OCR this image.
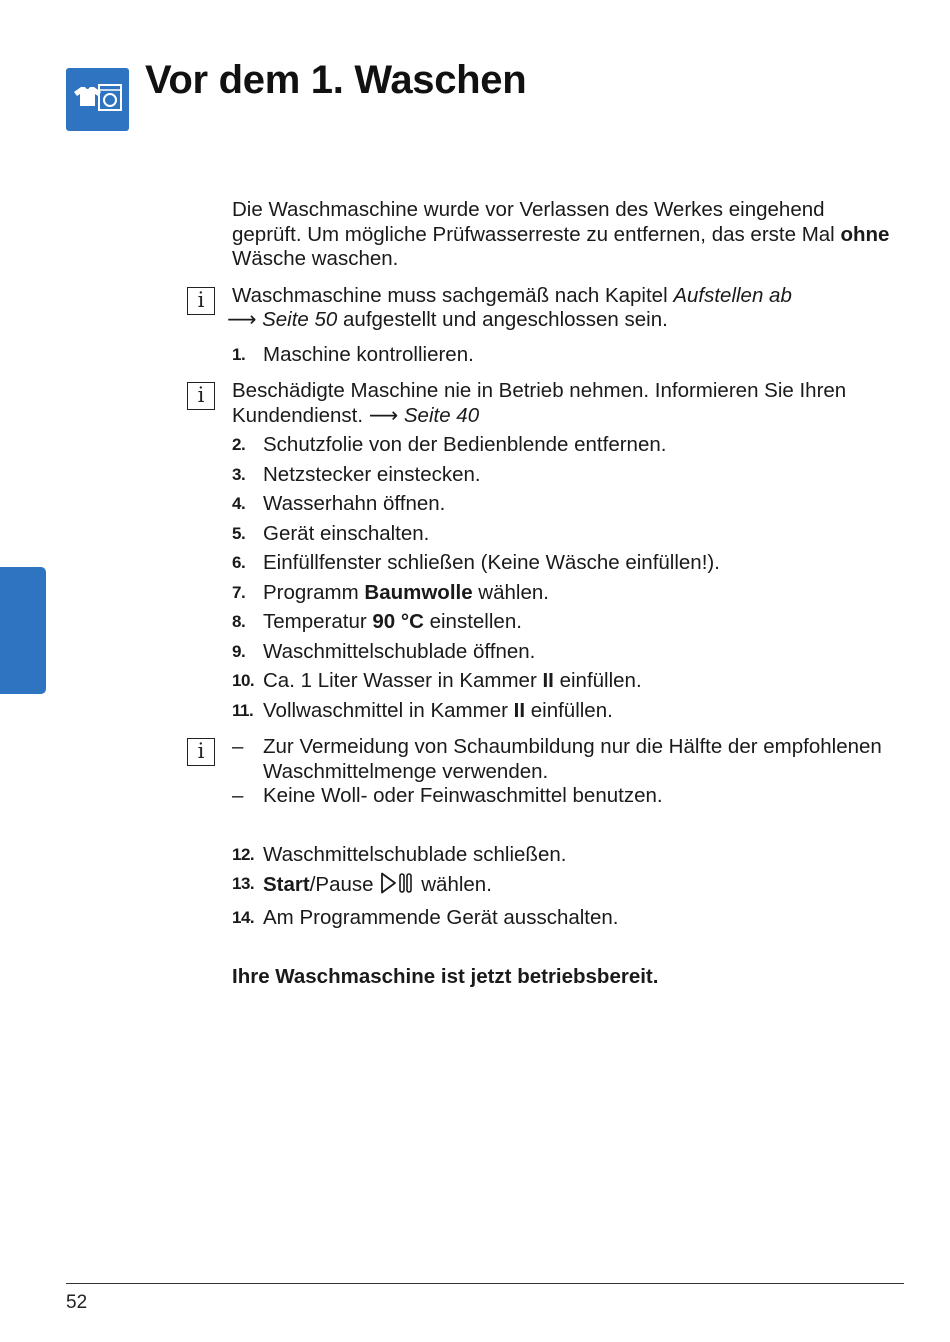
Vor dem 1. Waschen

Die Waschmaschine wurde vor Verlassen des Werkes eingehend geprüft. Um mögliche Prüfwasserreste zu entfernen, das erste Mal ohne Wäsche waschen.

i	Waschmaschine muss sachgemäß nach Kapitel Aufstellen ab
⟶ Seite 50 aufgestellt und angeschlossen sein.

1. Maschine kontrollieren.

i	Beschädigte Maschine nie in Betrieb nehmen. Informieren Sie Ihren Kundendienst. ⟶ Seite 40

2. Schutzfolie von der Bedienblende entfernen.

3. Netzstecker einstecken.

4. Wasserhahn öffnen.

5. Gerät einschalten.

6. Einfüllfenster schließen (Keine Wäsche einfüllen!).

7. Programm Baumwolle wählen.

8. Temperatur 90 °C einstellen.

9. Waschmittelschublade öffnen.

10. Ca. 1 Liter Wasser in Kammer II einfüllen.

11. Vollwaschmittel in Kammer II einfüllen.

i	– Zur Vermeidung von Schaumbildung nur die Hälfte der empfohlenen Waschmittelmenge verwenden.

– Keine Woll- oder Feinwaschmittel benutzen.

12. Waschmittelschublade schließen.

13. Start/Pause wählen.

14. Am Programmende Gerät ausschalten.

Ihre Waschmaschine ist jetzt betriebsbereit.

52
